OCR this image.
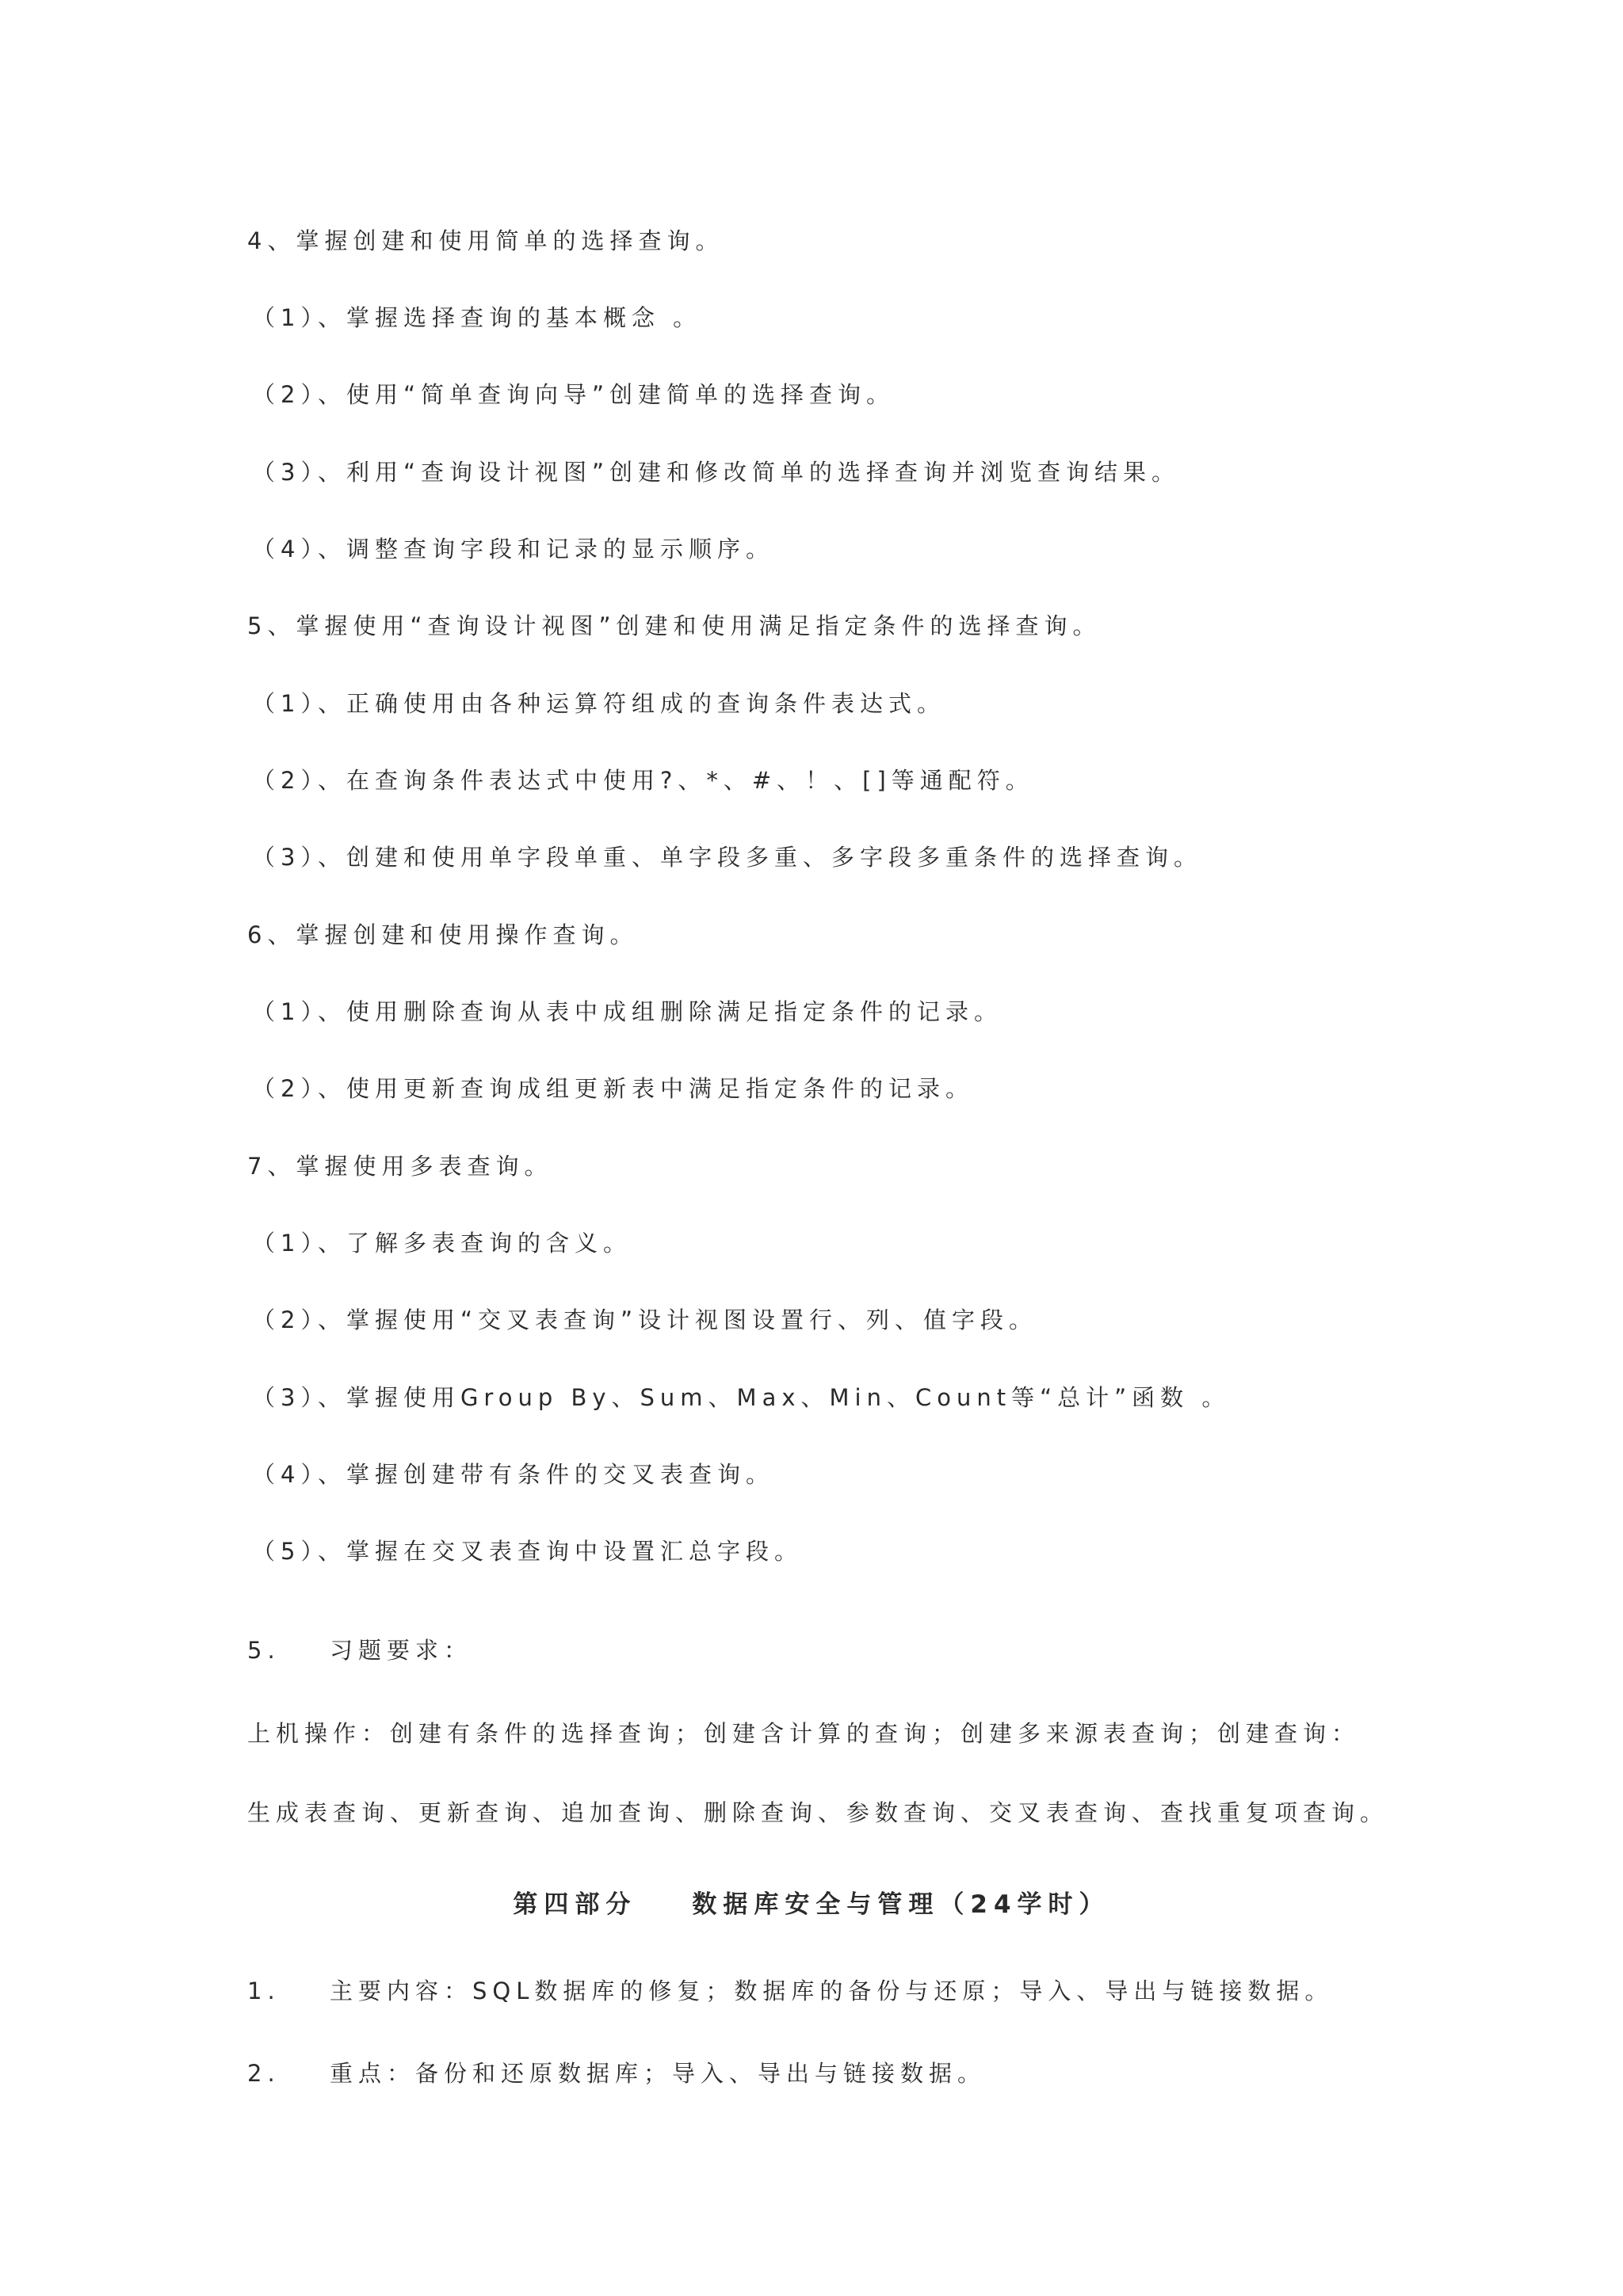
4、掌握创建和使用简单的选择查询。
（1）、掌握选择查询的基本概念 。
（2）、使用“简单查询向导”创建简单的选择查询。
（3）、利用“查询设计视图”创建和修改简单的选择查询并浏览查询结果。
（4）、调整查询字段和记录的显示顺序。
5、掌握使用“查询设计视图”创建和使用满足指定条件的选择查询。
（1）、正确使用由各种运算符组成的查询条件表达式。
（2）、在查询条件表达式中使用?、*、#、！、[]等通配符。
（3）、创建和使用单字段单重、单字段多重、多字段多重条件的选择查询。
6、掌握创建和使用操作查询。
（1）、使用删除查询从表中成组删除满足指定条件的记录。
（2）、使用更新查询成组更新表中满足指定条件的记录。
7、掌握使用多表查询。
（1）、了解多表查询的含义。
（2）、掌握使用“交叉表查询”设计视图设置行、列、值字段。
（3）、掌握使用Group By、Sum、Max、Min、Count等“总计”函数 。
（4）、掌握创建带有条件的交叉表查询。
（5）、掌握在交叉表查询中设置汇总字段。
5. 习题要求：
上机操作：创建有条件的选择查询；创建含计算的查询；创建多来源表查询；创建查询：
生成表查询、更新查询、追加查询、删除查询、参数查询、交叉表查询、查找重复项查询。
第四部分 数据库安全与管理（24学时）
1. 主要内容：SQL数据库的修复；数据库的备份与还原；导入、导出与链接数据。
2. 重点：备份和还原数据库；导入、导出与链接数据。
